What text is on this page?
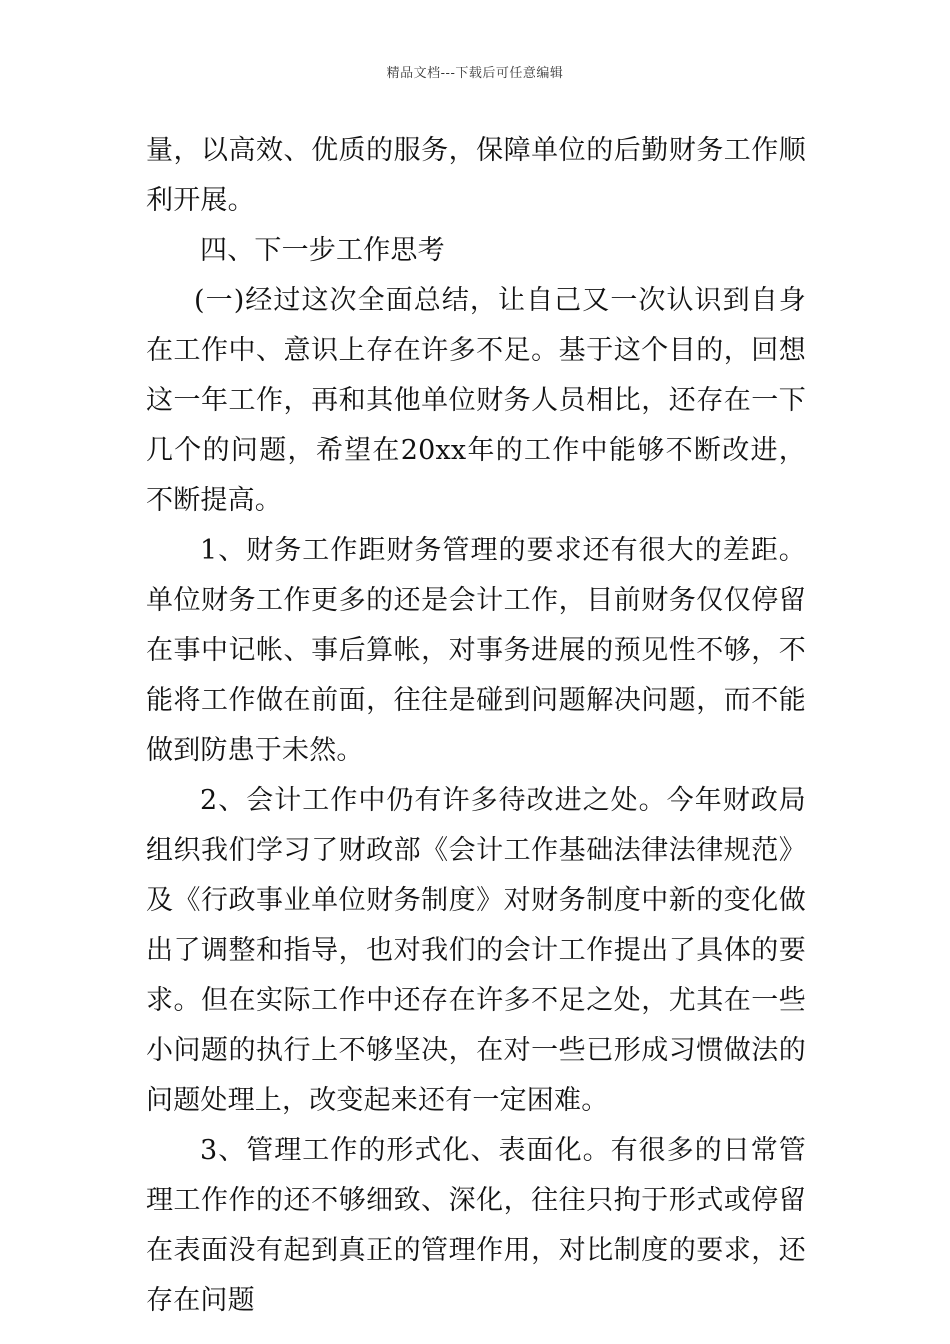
精品文档---下载后可任意编辑

量，以高效、优质的服务，保障单位的后勤财务工作顺利开展。

四、下一步工作思考

(一)经过这次全面总结，让自己又一次认识到自身在工作中、意识上存在许多不足。基于这个目的，回想这一年工作，再和其他单位财务人员相比，还存在一下几个的问题，希望在20xx年的工作中能够不断改进，不断提高。

1、财务工作距财务管理的要求还有很大的差距。单位财务工作更多的还是会计工作，目前财务仅仅停留在事中记帐、事后算帐，对事务进展的预见性不够，不能将工作做在前面，往往是碰到问题解决问题，而不能做到防患于未然。

2、会计工作中仍有许多待改进之处。今年财政局组织我们学习了财政部《会计工作基础法律法律规范》及《行政事业单位财务制度》对财务制度中新的变化做出了调整和指导，也对我们的会计工作提出了具体的要求。但在实际工作中还存在许多不足之处，尤其在一些小问题的执行上不够坚决，在对一些已形成习惯做法的问题处理上，改变起来还有一定困难。

3、管理工作的形式化、表面化。有很多的日常管理工作作的还不够细致、深化，往往只拘于形式或停留在表面没有起到真正的管理作用，对比制度的要求，还存在问题
